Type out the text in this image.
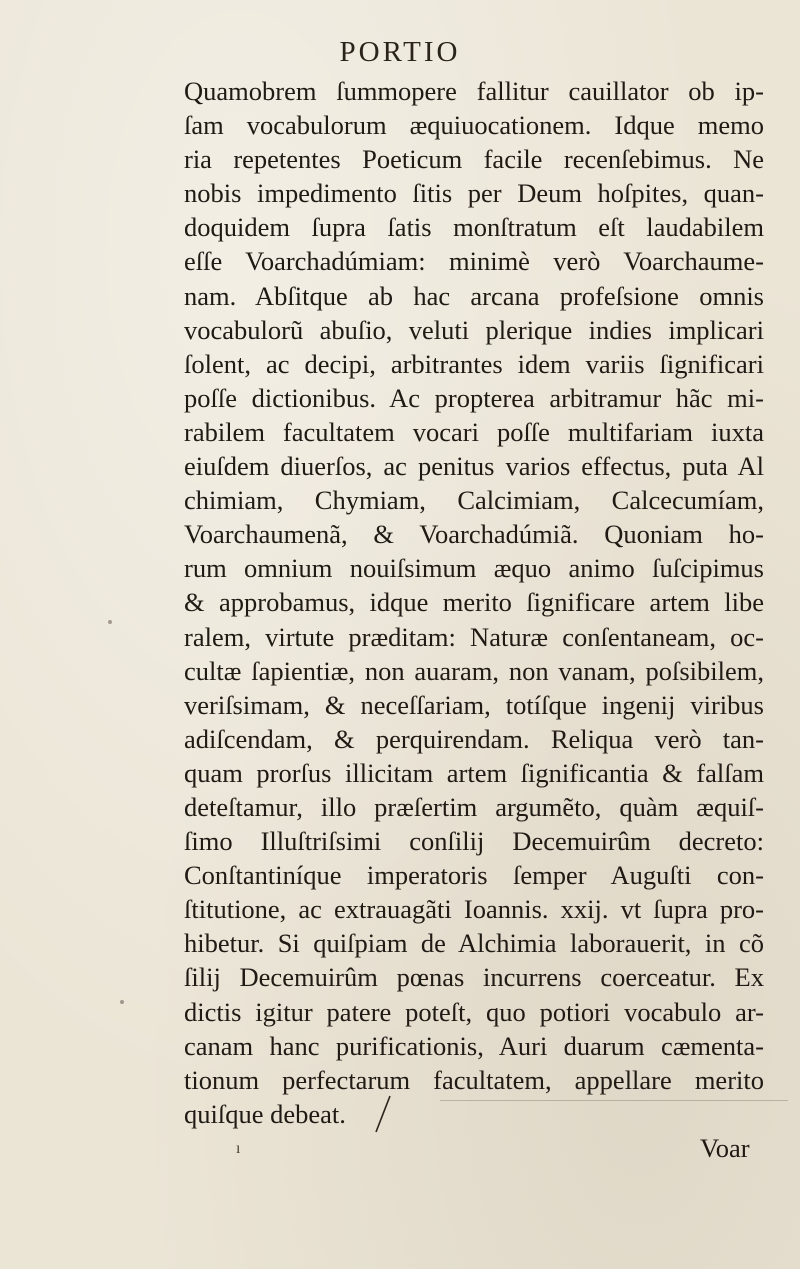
PORTIO
Quamobrem ſummopere fallitur cauillator ob ip-
ſam vocabulorum æquiuocationem. Idque memo
ria repetentes Poeticum facile recenſebimus. Ne
nobis impedimento ſitis per Deum hoſpites, quan-
doquidem ſupra ſatis monſtratum eſt laudabilem
eſſe Voarchadúmiam: minimè verò Voarchaume-
nam. Abſitque ab hac arcana profeſsione omnis
vocabulorũ abuſio, veluti plerique indies implicari
ſolent, ac decipi, arbitrantes idem variis ſignificari
poſſe dictionibus. Ac propterea arbitramur hãc mi-
rabilem facultatem vocari poſſe multifariam iuxta
eiuſdem diuerſos, ac penitus varios effectus, puta Al
chimiam, Chymiam, Calcimiam, Calcecumíam,
Voarchaumenã, & Voarchadúmiã. Quoniam ho-
rum omnium nouiſsimum æquo animo ſuſcipimus
& approbamus, idque merito ſignificare artem libe
ralem, virtute præditam: Naturæ conſentaneam, oc-
cultæ ſapientiæ, non auaram, non vanam, poſsibilem,
veriſsimam, & neceſſariam, totíſque ingenij viribus
adiſcendam, & perquirendam. Reliqua verò tan-
quam prorſus illicitam artem ſignificantia & falſam
deteſtamur, illo præſertim argumẽto, quàm æquiſ-
ſimo Illuſtriſsimi conſilij Decemuirûm decreto:
Conſtantiníque imperatoris ſemper Auguſti con-
ſtitutione, ac extrauagãti Ioannis. xxij. vt ſupra pro-
hibetur. Si quiſpiam de Alchimia laborauerit, in cõ
ſilij Decemuirûm pœnas incurrens coerceatur. Ex
dictis igitur patere poteſt, quo potiori vocabulo ar-
canam hanc purificationis, Auri duarum cæmenta-
tionum perfectarum facultatem, appellare merito
quiſque debeat.
ı	Voar
